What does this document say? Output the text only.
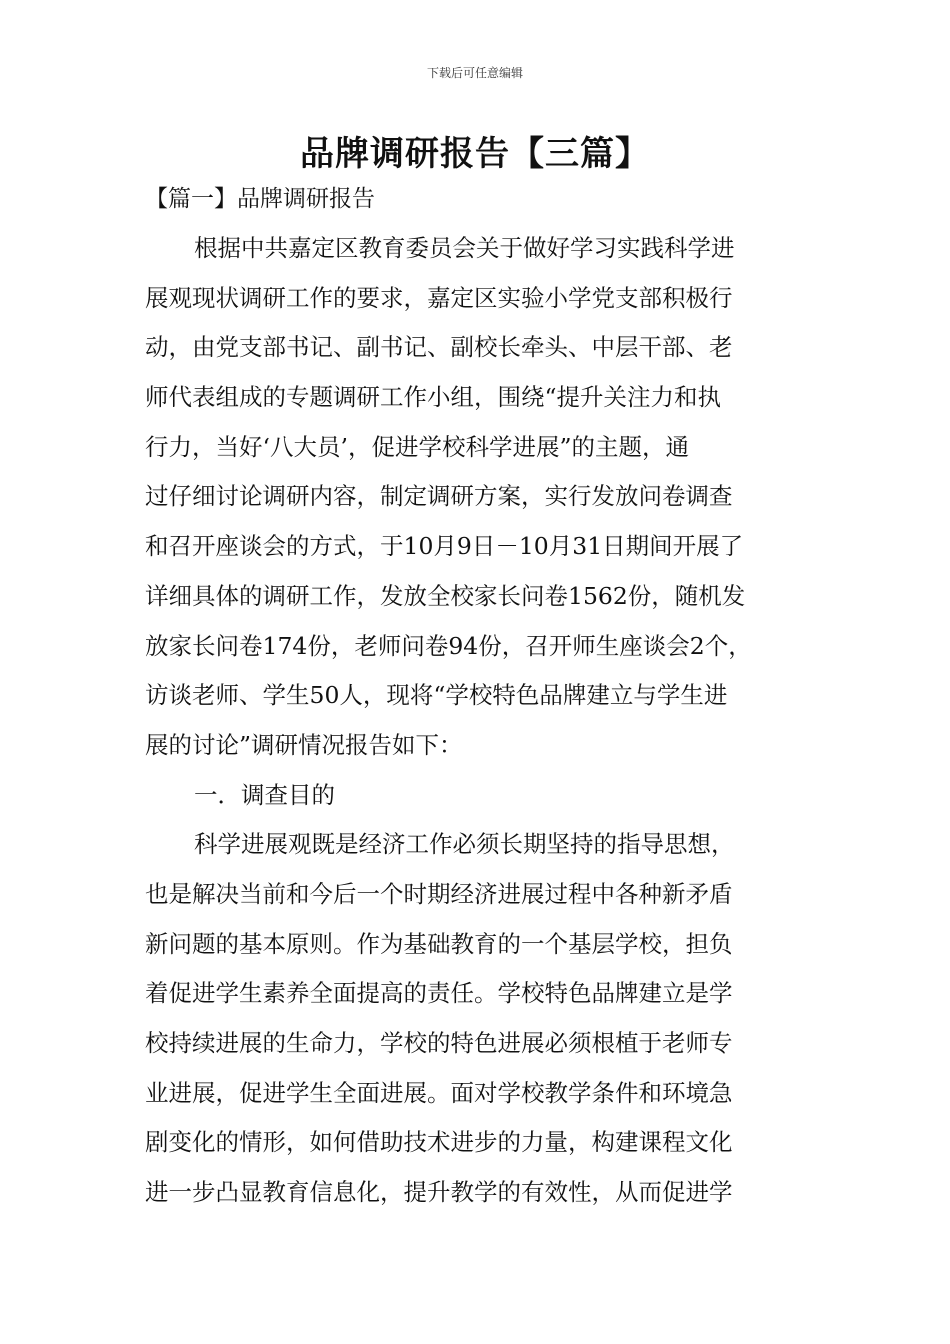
下载后可任意编辑
品牌调研报告【三篇】
【篇一】品牌调研报告
根据中共嘉定区教育委员会关于做好学习实践科学进
展观现状调研工作的要求，嘉定区实验小学党支部积极行
动，由党支部书记、副书记、副校长牵头、中层干部、老
师代表组成的专题调研工作小组，围绕“提升关注力和执
行力，当好‘八大员’，促进学校科学进展”的主题，通
过仔细讨论调研内容，制定调研方案，实行发放问卷调查
和召开座谈会的方式，于10月9日－10月31日期间开展了
详细具体的调研工作，发放全校家长问卷1562份，随机发
放家长问卷174份，老师问卷94份，召开师生座谈会2个，
访谈老师、学生50人，现将“学校特色品牌建立与学生进
展的讨论”调研情况报告如下：
一．调查目的
科学进展观既是经济工作必须长期坚持的指导思想，
也是解决当前和今后一个时期经济进展过程中各种新矛盾
新问题的基本原则。作为基础教育的一个基层学校，担负
着促进学生素养全面提高的责任。学校特色品牌建立是学
校持续进展的生命力，学校的特色进展必须根植于老师专
业进展，促进学生全面进展。面对学校教学条件和环境急
剧变化的情形，如何借助技术进步的力量，构建课程文化
进一步凸显教育信息化，提升教学的有效性，从而促进学
